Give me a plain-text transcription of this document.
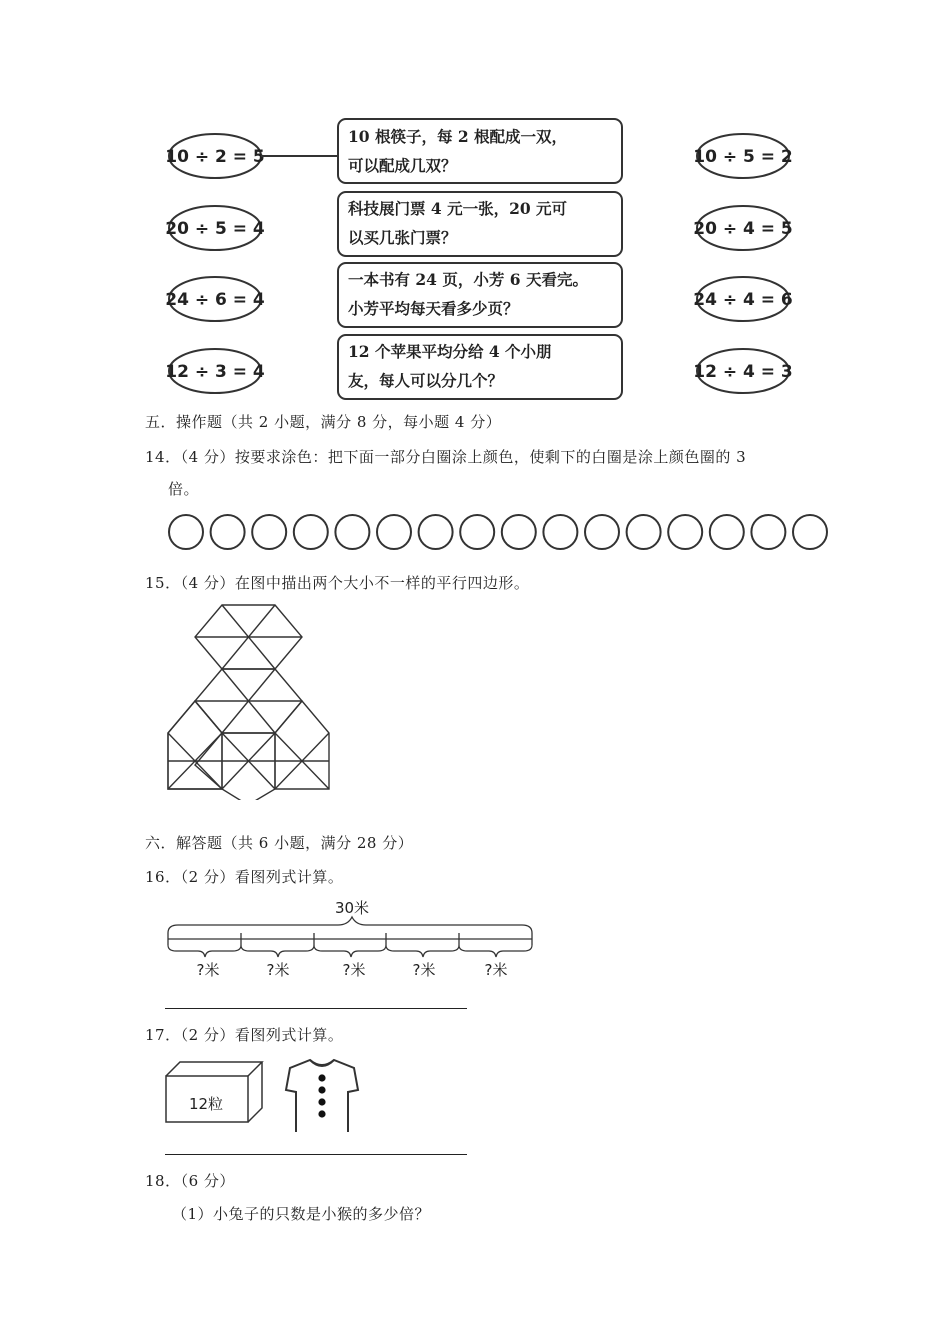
10 ÷ 2 = 5
20 ÷ 5 = 4
24 ÷ 6 = 4
12 ÷ 3 = 4
10 根筷子，每 2 根配成一双，
可以配成几双？
科技展门票 4 元一张，20 元可
以买几张门票？
一本书有 24 页，小芳 6 天看完。
小芳平均每天看多少页？
12 个苹果平均分给 4 个小朋
友，每人可以分几个？
10 ÷ 5 = 2
20 ÷ 4 = 5
24 ÷ 4 = 6
12 ÷ 4 = 3
五．操作题（共 2 小题，满分 8 分，每小题 4 分）
14．（4 分）按要求涂色：把下面一部分白圈涂上颜色，使剩下的白圈是涂上颜色圈的 3
倍。
15．（4 分）在图中描出两个大小不一样的平行四边形。
六．解答题（共 6 小题，满分 28 分）
16．（2 分）看图列式计算。
30米
?米	?米	?米	?米	?米
17．（2 分）看图列式计算。
12粒
18．（6 分）
（1）小兔子的只数是小猴的多少倍？
